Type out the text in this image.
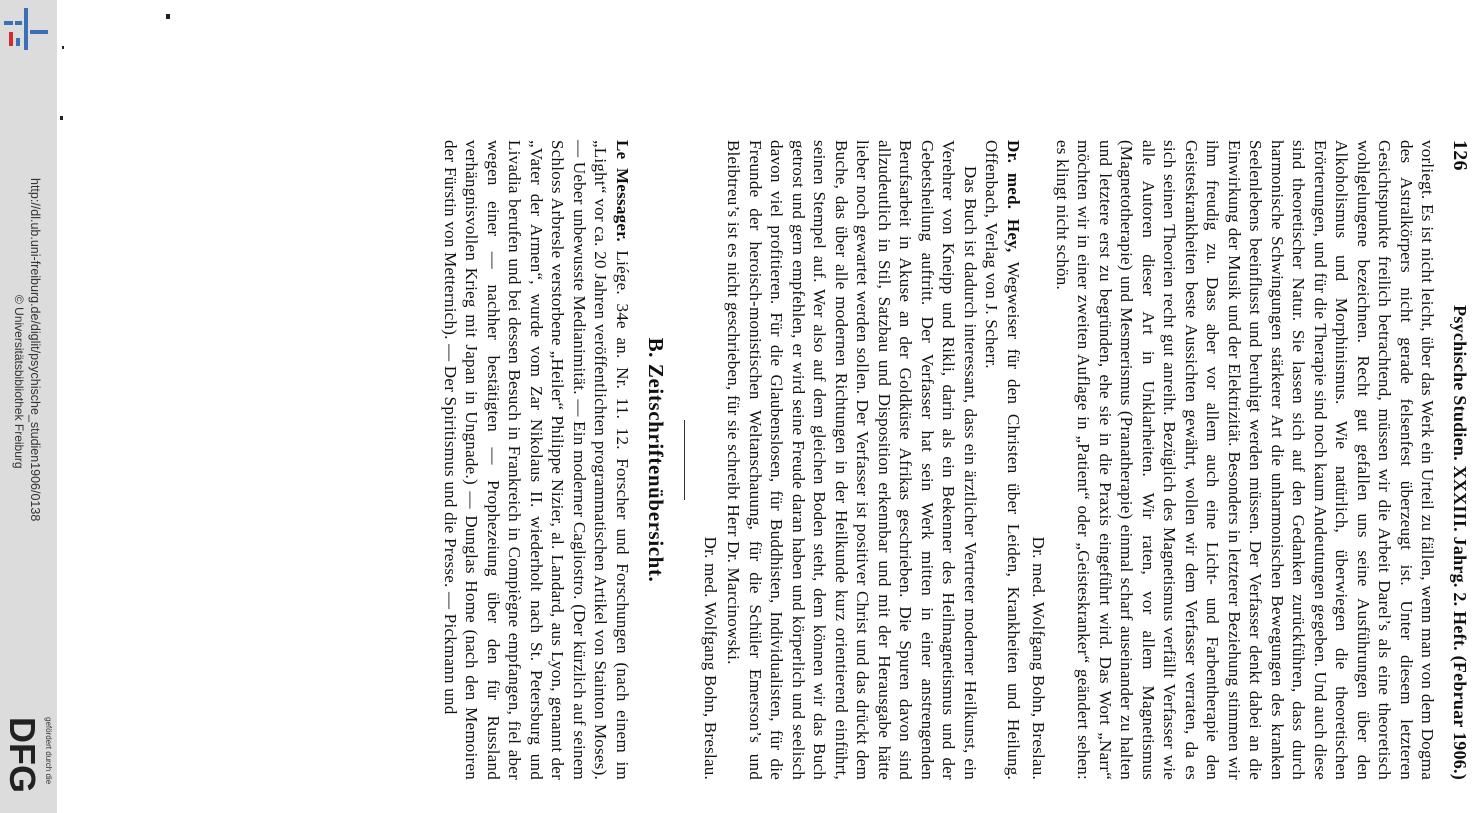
http://dl.ub.uni-freiburg.de/diglit/psychische_studien1906/0138
© Universitätsbibliothek Freiburg
gefördert durch die
DFG
126
Psychische Studien. XXXIII. Jahrg. 2. Heft. (Februar 1906.)

vorliegt. Es ist nicht leicht, über das Werk ein Urteil zu fällen, wenn man von dem Dogma des Astralkörpers nicht gerade felsenfest überzeugt ist. Unter diesem letzteren Gesichtspunkte freilich betrachtend, müssen wir die Arbeit Darel’s als eine theoretisch wohlgelungene bezeichnen. Recht gut gefallen uns seine Ausführungen über den Alkoholismus und Morphinismus. Wie natürlich, überwiegen die theoretischen Erörterungen, und für die Therapie sind noch kaum Andeutungen gegeben. Und auch diese sind theoretischer Natur. Sie lassen sich auf den Gedanken zurückführen, dass durch harmonische Schwingungen stärkerer Art die unharmonischen Bewegungen des kranken Seelenlebens beeinflusst und beruhigt werden müssen. Der Verfasser denkt dabei an die Einwirkung der Musik und der Elektrizität. Besonders in letzterer Beziehung stimmen wir ihm freudig zu. Dass aber vor allem auch eine Licht- und Farbentherapie den Geisteskrankheiten beste Aussichten gewährt, wollen wir dem Verfasser verraten, da es sich seinen Theorien recht gut anreiht. Bezüglich des Magnetismus verfällt Verfasser wie alle Autoren dieser Art in Unklarheiten. Wir raten, vor allem Magnetismus (Magnetotherapie) und Mesmerismus (Pranatherapie) einmal scharf auseinander zu halten und letztere erst zu begründen, ehe sie in die Praxis eingeführt wird. Das Wort „Narr“ möchten wir in einer zweiten Auflage in „Patient“ oder „Geisteskranker“ geändert sehen: es klingt nicht schön.

Dr. med. Wolfgang Bohn, Breslau.

Dr. med. Hey, Wegweiser für den Christen über Leiden, Krankheiten und Heilung. Offenbach, Verlag von J. Scherr.

Das Buch ist dadurch interessant, dass ein ärztlicher Vertreter moderner Heilkunst, ein Verehrer von Kneipp und Rikli, darin als ein Bekenner des Heilmagnetismus und der Gebetsheilung auftritt. Der Verfasser hat sein Werk mitten in einer anstrengenden Berufsarbeit in Akuse an der Goldküste Afrikas geschrieben. Die Spuren davon sind allzudeutlich in Stil, Satzbau und Disposition erkennbar und mit der Herausgabe hätte lieber noch gewartet werden sollen. Der Verfasser ist positiver Christ und das drückt dem Buche, das über alle modernen Richtungen in der Heilkunde kurz orientierend einführt, seinen Stempel auf. Wer also auf dem gleichen Boden steht, dem können wir das Buch getrost und gern empfehlen, er wird seine Freude daran haben und körperlich und seelisch davon viel profitieren. Für die Glaubenslosen, für Buddhisten, Individualisten, für die Freunde der heroisch-monistischen Weltanschauung, für die Schüler Emerson’s und Bleibtreu’s ist es nicht geschrieben, für sie schreibt Herr Dr. Marcinowski.

Dr. med. Wolfgang Bohn, Breslau.
B. Zeitschriftenübersicht.

Le Messager. Liége. 34e an. Nr. 11. 12. Forscher und Forschungen (nach einem im „Light“ vor ca. 20 Jahren veröffentlichten programmatischen Artikel von Stainton Moses). — Ueber unbewusste Medianimität. — Ein moderner Cagliostro. (Der kürzlich auf seinem Schloss Arbresle verstorbene „Heiler“ Philippe Nizier, al. Landard, aus Lyon, genannt der „Vater der Armen“, wurde vom Zar Nikolaus II. wiederholt nach St. Petersburg und Livadia berufen und bei dessen Besuch in Frankreich in Compiègne empfangen, fiel aber wegen einer — nachher bestätigten — Prophezeiung über den für Russland verhängnisvollen Krieg mit Japan in Ungnade.) — Dunglas Home (nach den Memoiren der Fürstin von Metternich). — Der Spiritismus und die Presse. — Pickmann und
